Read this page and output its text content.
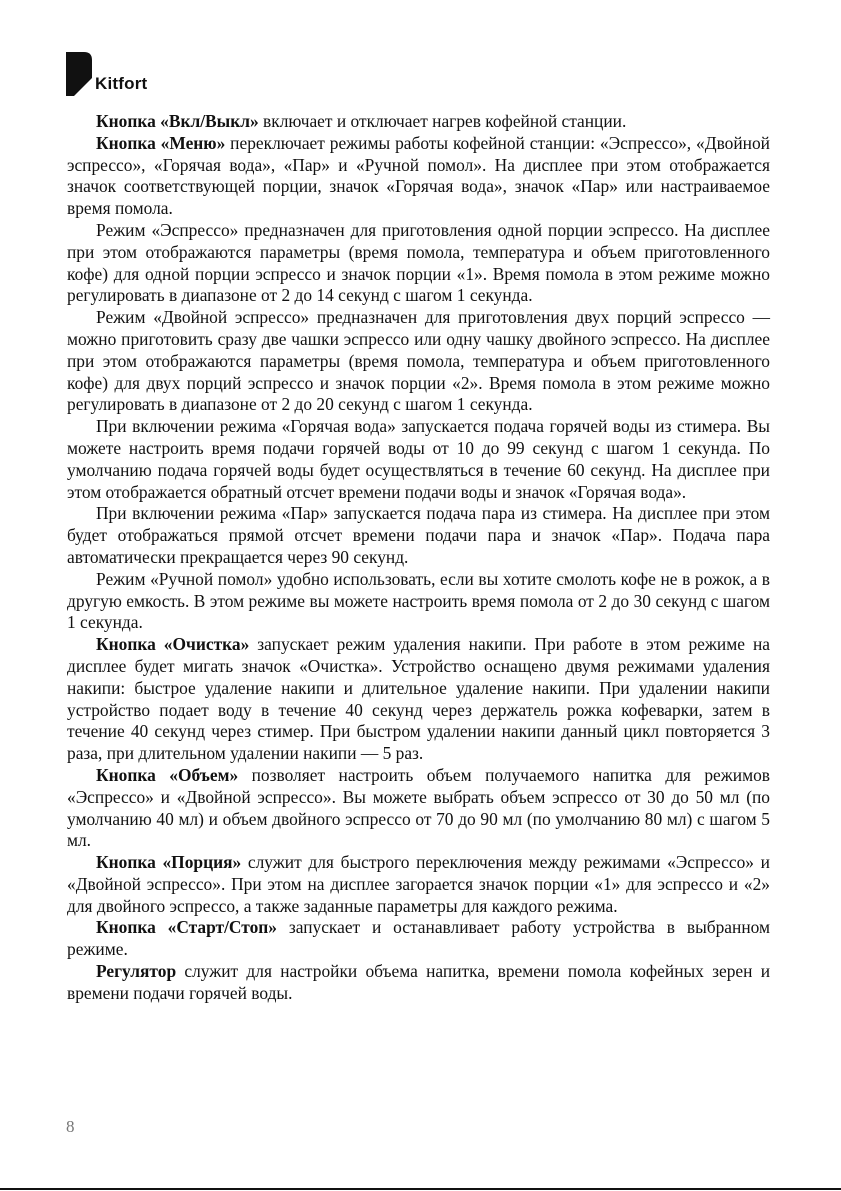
Kitfort

Кнопка «Вкл/Выкл» включает и отключает нагрев кофейной станции.

Кнопка «Меню» переключает режимы работы кофейной станции: «Эспрессо», «Двойной эспрессо», «Горячая вода», «Пар» и «Ручной помол». На дисплее при этом отображается значок соответствующей порции, значок «Горячая вода», значок «Пар» или настраиваемое время помола.

Режим «Эспрессо» предназначен для приготовления одной порции эспрессо. На дисплее при этом отображаются параметры (время помола, температура и объем приготовленного кофе) для одной порции эспрессо и значок порции «1». Время помола в этом режиме можно регулировать в диапазоне от 2 до 14 секунд с шагом 1 секунда.

Режим «Двойной эспрессо» предназначен для приготовления двух порций эспрессо — можно приготовить сразу две чашки эспрессо или одну чашку двойного эспрессо. На дисплее при этом отображаются параметры (время помола, температура и объем приготовленного кофе) для двух порций эспрессо и значок порции «2». Время помола в этом режиме можно регулировать в диапазоне от 2 до 20 секунд с шагом 1 секунда.

При включении режима «Горячая вода» запускается подача горячей воды из стимера. Вы можете настроить время подачи горячей воды от 10 до 99 секунд с шагом 1 секунда. По умолчанию подача горячей воды будет осуществляться в течение 60 секунд. На дисплее при этом отображается обратный отсчет времени подачи воды и значок «Горячая вода».

При включении режима «Пар» запускается подача пара из стимера. На дисплее при этом будет отображаться прямой отсчет времени подачи пара и значок «Пар». Подача пара автоматически прекращается через 90 секунд.

Режим «Ручной помол» удобно использовать, если вы хотите смолоть кофе не в рожок, а в другую емкость. В этом режиме вы можете настроить время помола от 2 до 30 секунд с шагом 1 секунда.

Кнопка «Очистка» запускает режим удаления накипи. При работе в этом режиме на дисплее будет мигать значок «Очистка». Устройство оснащено двумя режимами удаления накипи: быстрое удаление накипи и длительное удаление накипи. При удалении накипи устройство подает воду в течение 40 секунд через держатель рожка кофеварки, затем в течение 40 секунд через стимер. При быстром удалении накипи данный цикл повторяется 3 раза, при длительном удалении накипи — 5 раз.

Кнопка «Объем» позволяет настроить объем получаемого напитка для режимов «Эспрессо» и «Двойной эспрессо». Вы можете выбрать объем эспрессо от 30 до 50 мл (по умолчанию 40 мл) и объем двойного эспрессо от 70 до 90 мл (по умолчанию 80 мл) с шагом 5 мл.

Кнопка «Порция» служит для быстрого переключения между режимами «Эспрессо» и «Двойной эспрессо». При этом на дисплее загорается значок порции «1» для эспрессо и «2» для двойного эспрессо, а также заданные параметры для каждого режима.

Кнопка «Старт/Стоп» запускает и останавливает работу устройства в выбранном режиме.

Регулятор служит для настройки объема напитка, времени помола кофейных зерен и времени подачи горячей воды.

8
